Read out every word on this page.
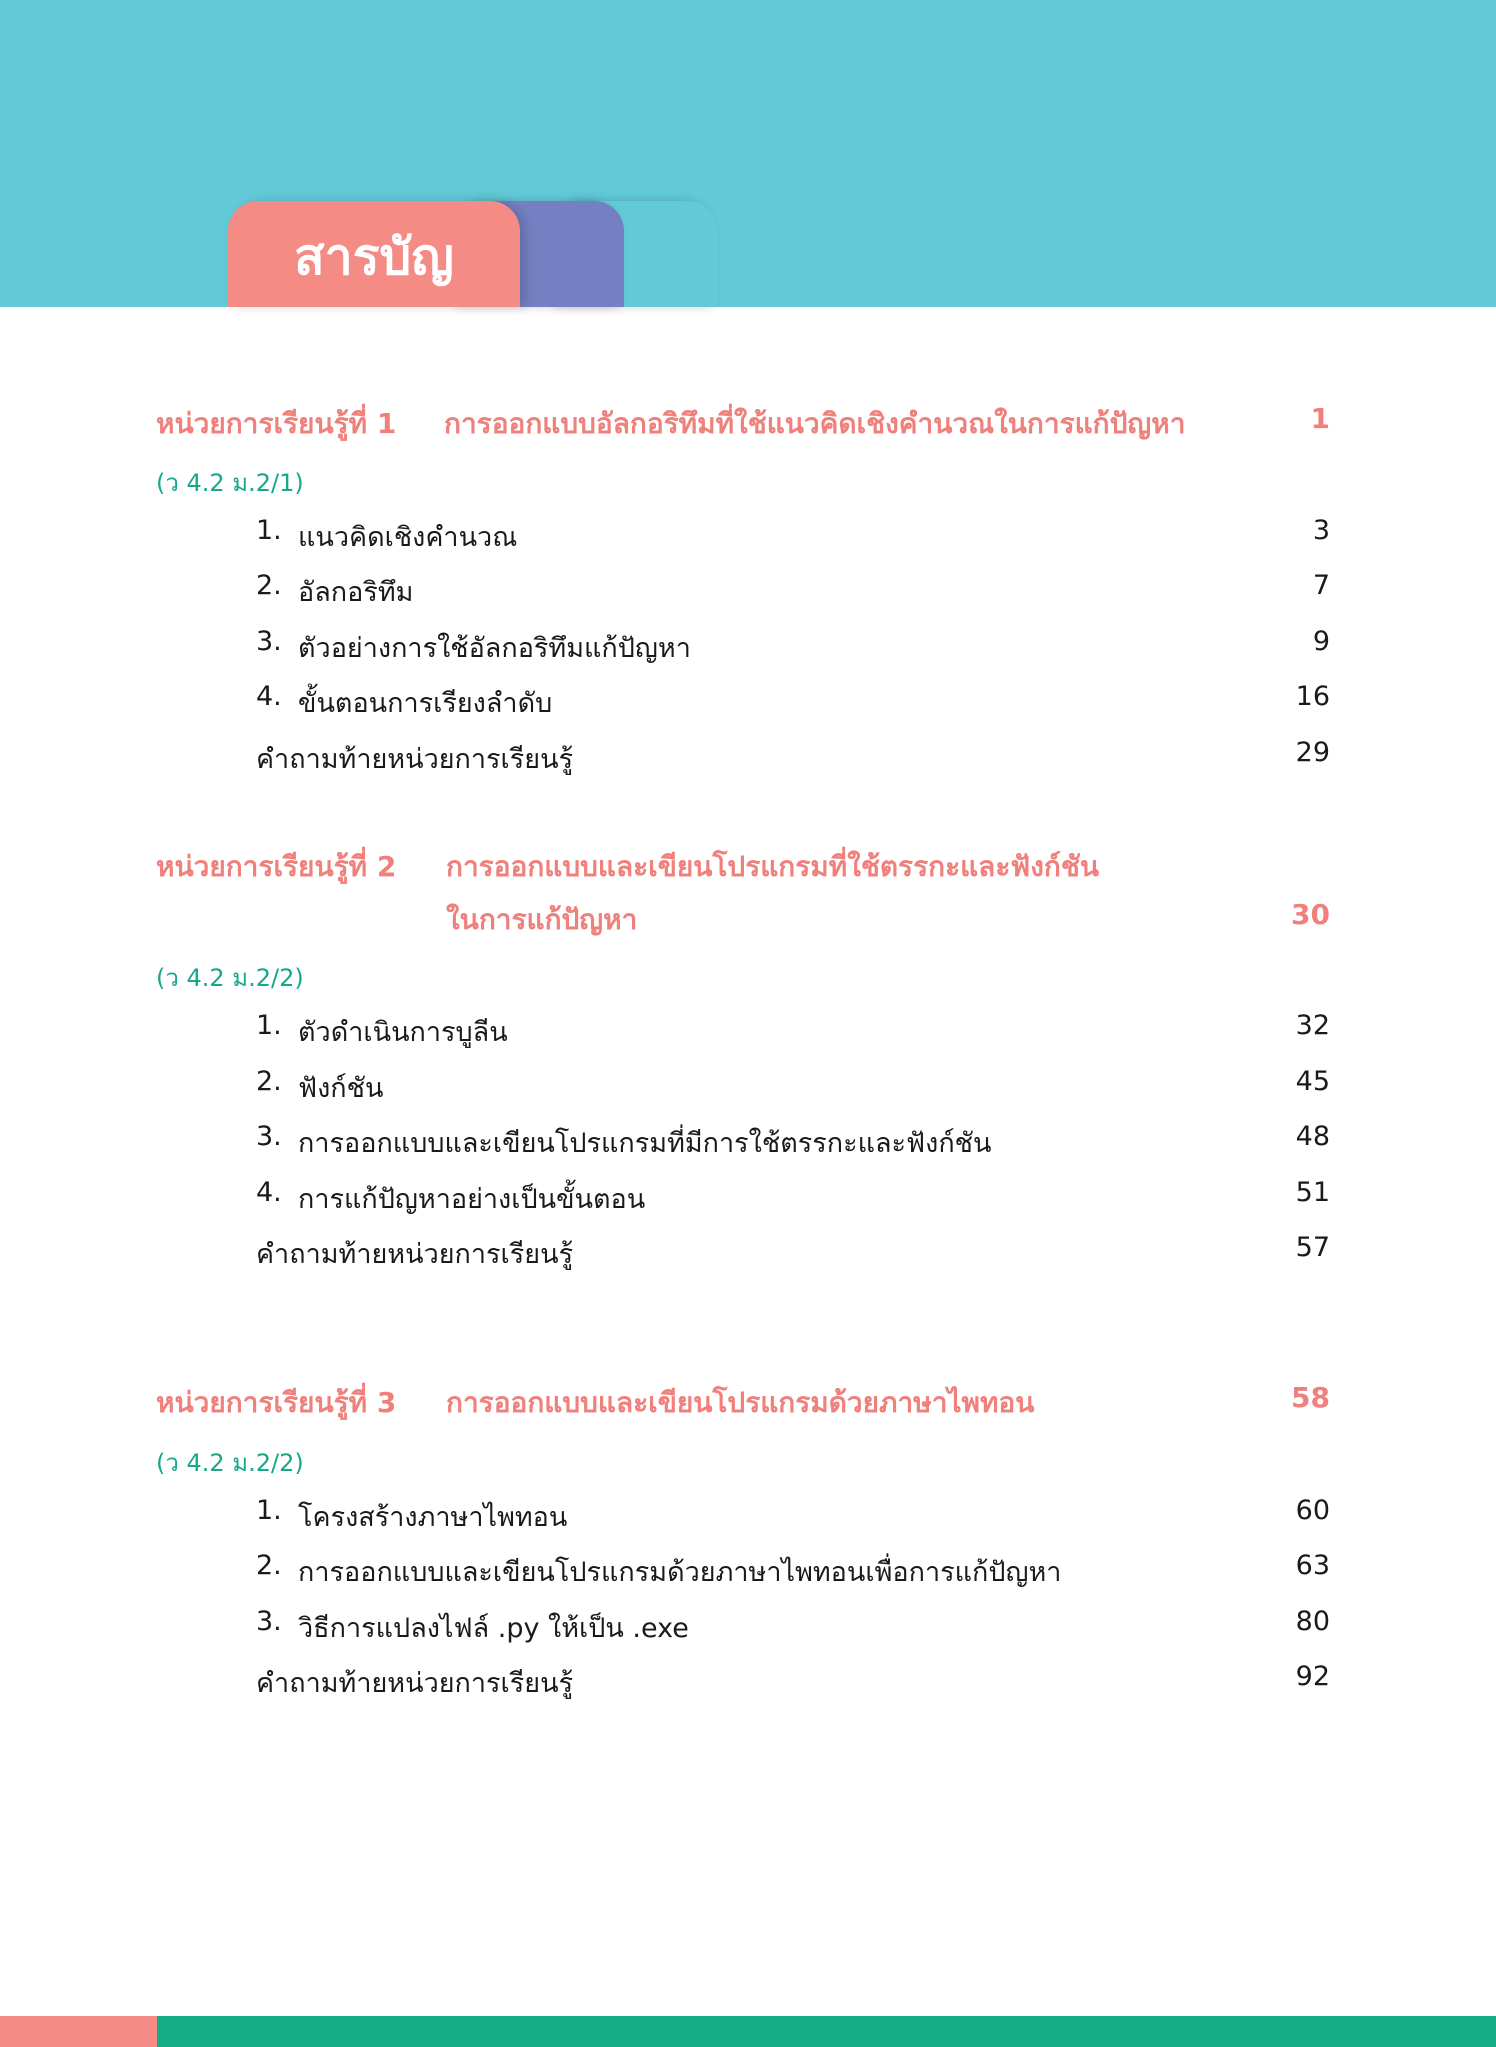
สารบัญ
หน่วยการเรียนรู้ที่ 1 การออกแบบอัลกอริทึมที่ใช้แนวคิดเชิงคำนวณในการแก้ปัญหา	1
(ว 4.2 ม.2/1)
1. แนวคิดเชิงคำนวณ	3
2. อัลกอริทึม	7
3. ตัวอย่างการใช้อัลกอริทึมแก้ปัญหา	9
4. ขั้นตอนการเรียงลำดับ	16
คำถามท้ายหน่วยการเรียนรู้	29
หน่วยการเรียนรู้ที่ 2 การออกแบบและเขียนโปรแกรมที่ใช้ตรรกะและฟังก์ชัน
ในการแก้ปัญหา	30
(ว 4.2 ม.2/2)
1. ตัวดำเนินการบูลีน	32
2. ฟังก์ชัน	45
3. การออกแบบและเขียนโปรแกรมที่มีการใช้ตรรกะและฟังก์ชัน	48
4. การแก้ปัญหาอย่างเป็นขั้นตอน	51
คำถามท้ายหน่วยการเรียนรู้	57
หน่วยการเรียนรู้ที่ 3 การออกแบบและเขียนโปรแกรมด้วยภาษาไพทอน	58
(ว 4.2 ม.2/2)
1. โครงสร้างภาษาไพทอน	60
2. การออกแบบและเขียนโปรแกรมด้วยภาษาไพทอนเพื่อการแก้ปัญหา	63
3. วิธีการแปลงไฟล์ .py ให้เป็น .exe	80
คำถามท้ายหน่วยการเรียนรู้	92
